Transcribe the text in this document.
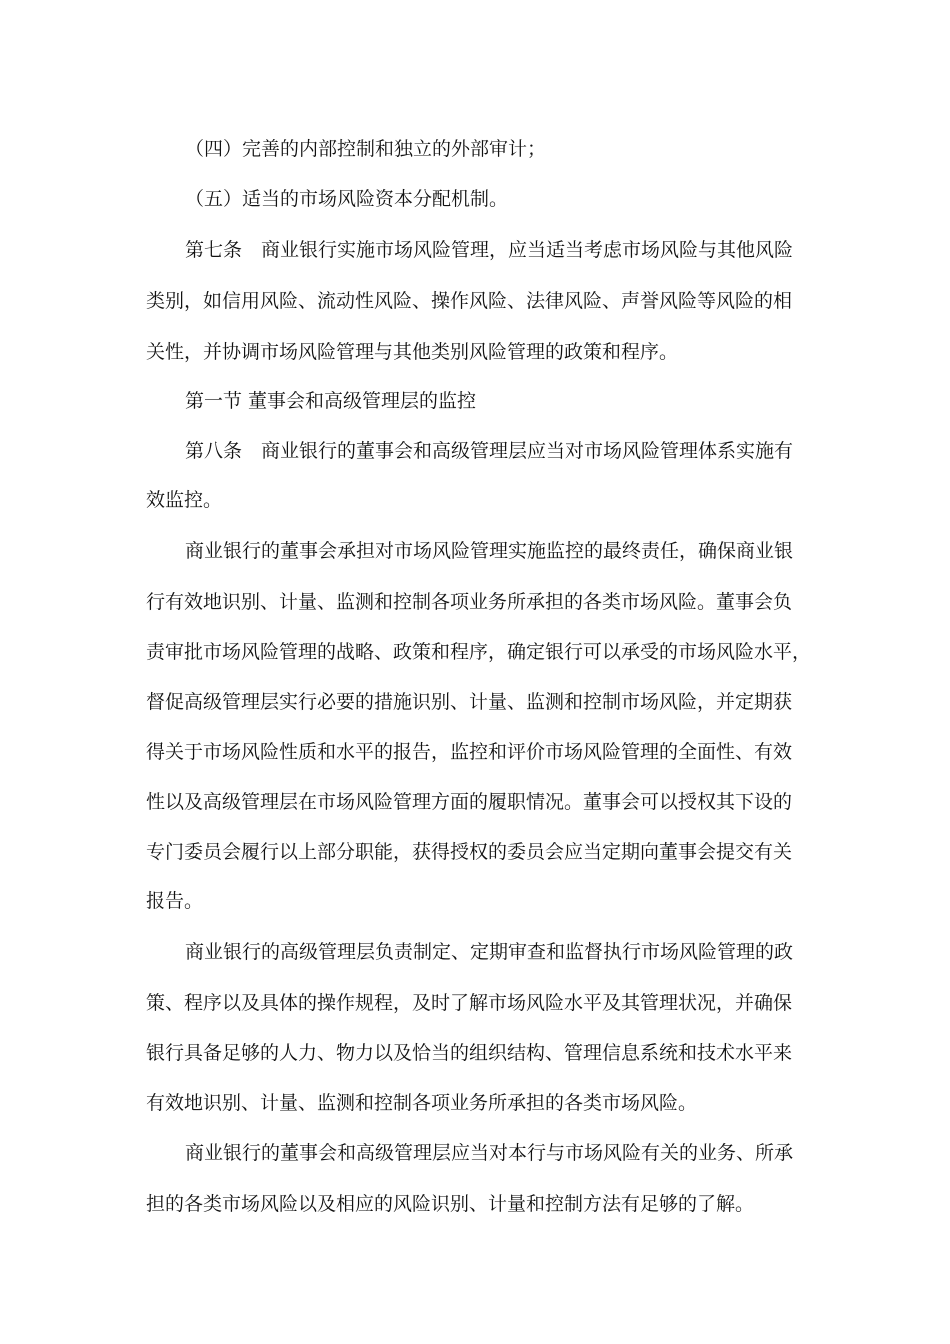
（四）完善的内部控制和独立的外部审计；
（五）适当的市场风险资本分配机制。
第七条　商业银行实施市场风险管理，应当适当考虑市场风险与其他风险
类别，如信用风险、流动性风险、操作风险、法律风险、声誉风险等风险的相
关性，并协调市场风险管理与其他类别风险管理的政策和程序。
第一节 董事会和高级管理层的监控
第八条　商业银行的董事会和高级管理层应当对市场风险管理体系实施有
效监控。
商业银行的董事会承担对市场风险管理实施监控的最终责任，确保商业银
行有效地识别、计量、监测和控制各项业务所承担的各类市场风险。董事会负
责审批市场风险管理的战略、政策和程序，确定银行可以承受的市场风险水平，
督促高级管理层实行必要的措施识别、计量、监测和控制市场风险，并定期获
得关于市场风险性质和水平的报告，监控和评价市场风险管理的全面性、有效
性以及高级管理层在市场风险管理方面的履职情况。董事会可以授权其下设的
专门委员会履行以上部分职能，获得授权的委员会应当定期向董事会提交有关
报告。
商业银行的高级管理层负责制定、定期审查和监督执行市场风险管理的政
策、程序以及具体的操作规程，及时了解市场风险水平及其管理状况，并确保
银行具备足够的人力、物力以及恰当的组织结构、管理信息系统和技术水平来
有效地识别、计量、监测和控制各项业务所承担的各类市场风险。
商业银行的董事会和高级管理层应当对本行与市场风险有关的业务、所承
担的各类市场风险以及相应的风险识别、计量和控制方法有足够的了解。
